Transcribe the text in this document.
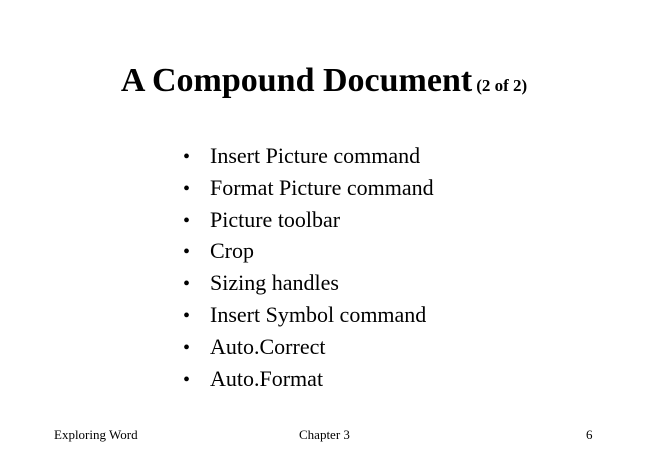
A Compound Document (2 of 2)
• Insert Picture command
• Format Picture command
• Picture toolbar
• Crop
• Sizing handles
• Insert Symbol command
• Auto.Correct
• Auto.Format
Exploring Word	Chapter 3	6
